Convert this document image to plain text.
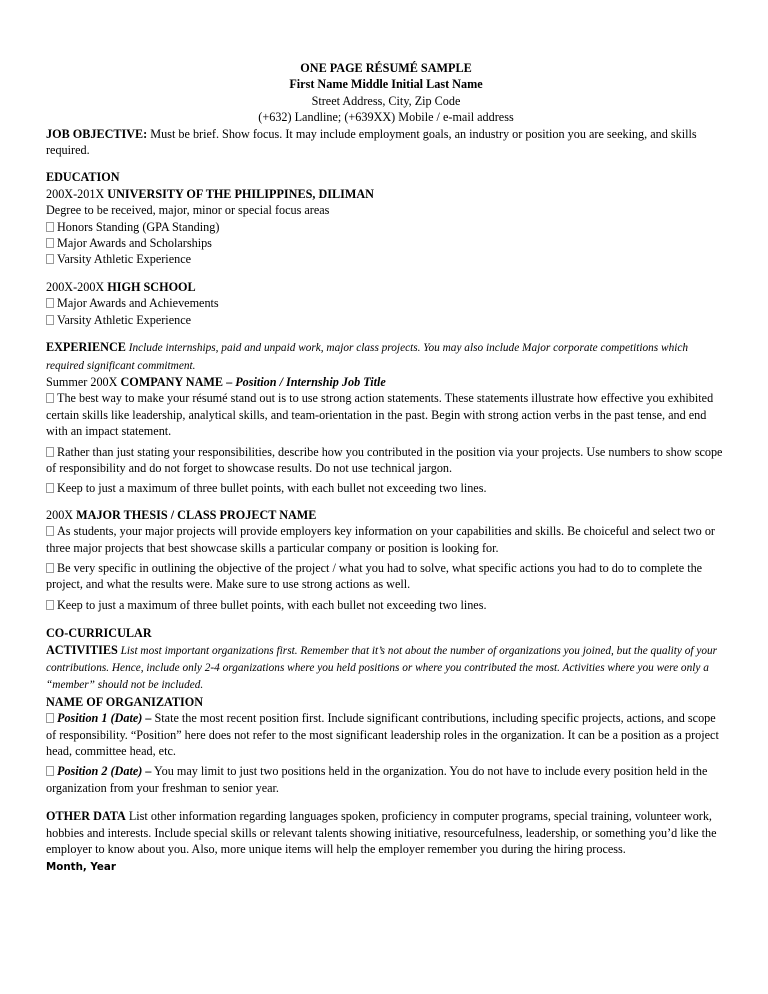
ONE PAGE RÉSUMÉ SAMPLE
First Name Middle Initial Last Name
Street Address, City, Zip Code
(+632) Landline; (+639XX) Mobile / e-mail address
JOB OBJECTIVE: Must be brief. Show focus. It may include employment goals, an industry or position you are seeking, and skills required.
EDUCATION
200X-201X UNIVERSITY OF THE PHILIPPINES, DILIMAN
Degree to be received, major, minor or special focus areas
Honors Standing (GPA Standing)
Major Awards and Scholarships
Varsity Athletic Experience
200X-200X HIGH SCHOOL
Major Awards and Achievements
Varsity Athletic Experience
EXPERIENCE Include internships, paid and unpaid work, major class projects. You may also include Major corporate competitions which required significant commitment.
Summer 200X COMPANY NAME – Position / Internship Job Title
The best way to make your résumé stand out is to use strong action statements. These statements illustrate how effective you exhibited certain skills like leadership, analytical skills, and team-orientation in the past. Begin with strong action verbs in the past tense, and end with an impact statement.
Rather than just stating your responsibilities, describe how you contributed in the position via your projects. Use numbers to show scope of responsibility and do not forget to showcase results. Do not use technical jargon.
Keep to just a maximum of three bullet points, with each bullet not exceeding two lines.
200X MAJOR THESIS / CLASS PROJECT NAME
As students, your major projects will provide employers key information on your capabilities and skills. Be choiceful and select two or three major projects that best showcase skills a particular company or position is looking for.
Be very specific in outlining the objective of the project / what you had to solve, what specific actions you had to do to complete the project, and what the results were. Make sure to use strong actions as well.
Keep to just a maximum of three bullet points, with each bullet not exceeding two lines.
CO-CURRICULAR
ACTIVITIES List most important organizations first. Remember that it’s not about the number of organizations you joined, but the quality of your contributions. Hence, include only 2-4 organizations where you held positions or where you contributed the most. Activities where you were only a “member” should not be included.
NAME OF ORGANIZATION
Position 1 (Date) – State the most recent position first. Include significant contributions, including specific projects, actions, and scope of responsibility. “Position” here does not refer to the most significant leadership roles in the organization. It can be a position as a project head, committee head, etc.
Position 2 (Date) – You may limit to just two positions held in the organization. You do not have to include every position held in the organization from your freshman to senior year.
OTHER DATA List other information regarding languages spoken, proficiency in computer programs, special training, volunteer work, hobbies and interests. Include special skills or relevant talents showing initiative, resourcefulness, leadership, or something you’d like the employer to know about you. Also, more unique items will help the employer remember you during the hiring process.
Month, Year
